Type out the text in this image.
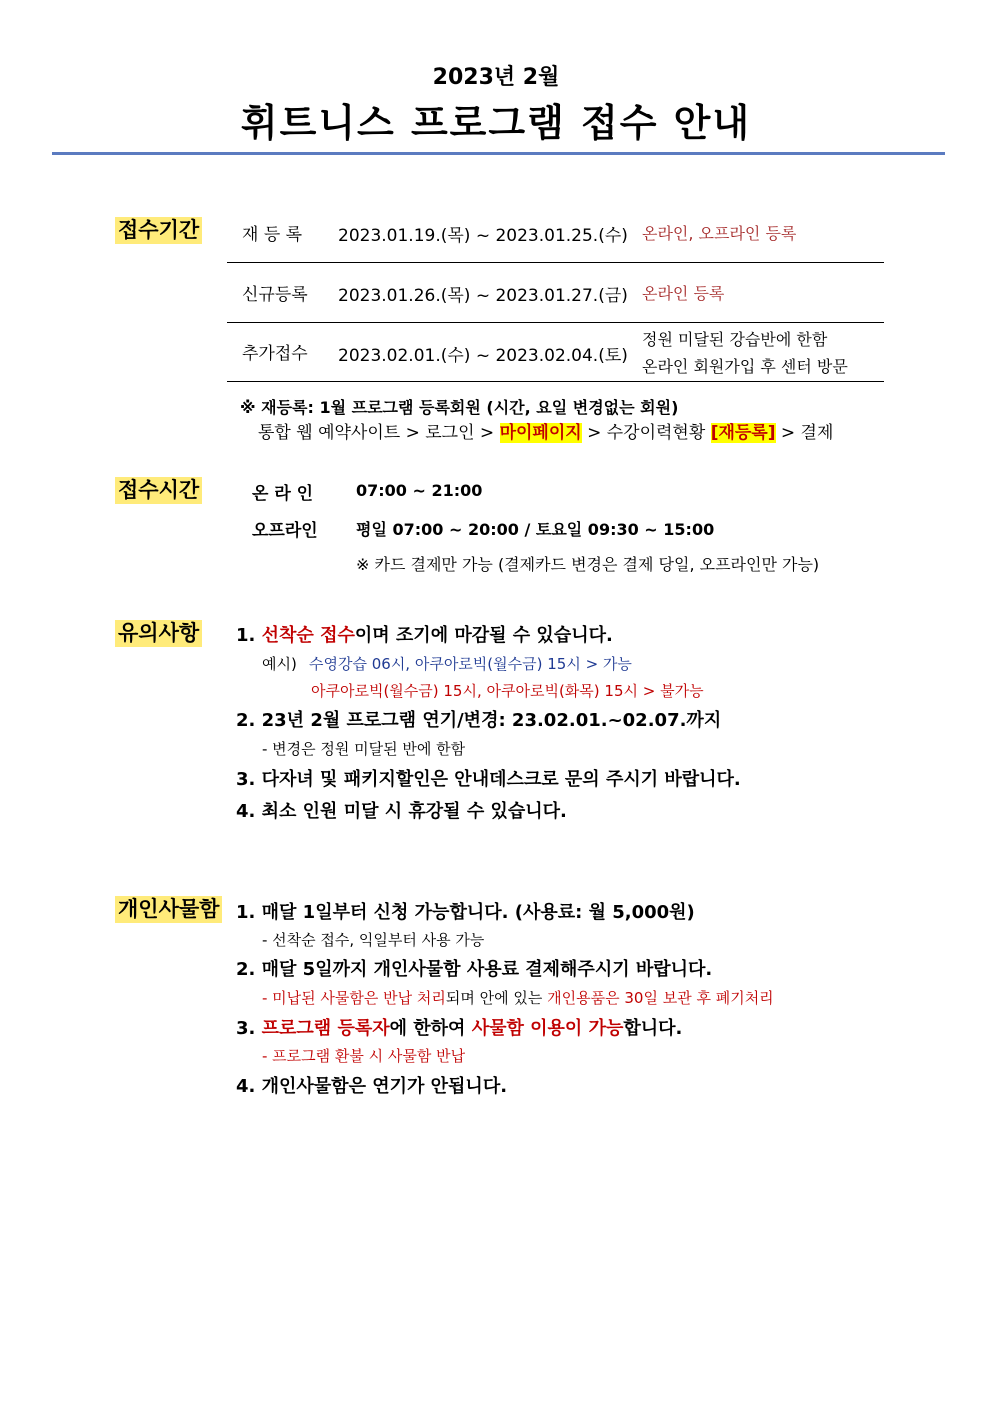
2023년 2월
휘트니스 프로그램 접수 안내
접수기간	재 등 록 2023.01.19.(목) ~ 2023.01.25.(수) 온라인, 오프라인 등록
신규등록 2023.01.26.(목) ~ 2023.01.27.(금) 온라인 등록
추가접수 2023.02.01.(수) ~ 2023.02.04.(토)
정원 미달된 강습반에 한함
온라인 회원가입 후 센터 방문
※ 재등록: 1월 프로그램 등록회원 (시간, 요일 변경없는 회원)
통합 웹 예약사이트 > 로그인 > 마이페이지 > 수강이력현황 [재등록] > 결제
접수시간	온 라 인	07:00 ~ 21:00
오프라인 평일 07:00 ~ 20:00 / 토요일 09:30 ~ 15:00
※ 카드 결제만 가능 (결제카드 변경은 결제 당일, 오프라인만 가능)
유의사항 1. 선착순 접수이며 조기에 마감될 수 있습니다.
예시) 수영강습 06시, 아쿠아로빅(월수금) 15시 > 가능
아쿠아로빅(월수금) 15시, 아쿠아로빅(화목) 15시 > 불가능
2. 23년 2월 프로그램 연기/변경: 23.02.01.~02.07.까지
- 변경은 정원 미달된 반에 한함
3. 다자녀 및 패키지할인은 안내데스크로 문의 주시기 바랍니다.
4. 최소 인원 미달 시 휴강될 수 있습니다.
개인사물함 1. 매달 1일부터 신청 가능합니다. (사용료: 월 5,000원)
- 선착순 접수, 익일부터 사용 가능
2. 매달 5일까지 개인사물함 사용료 결제해주시기 바랍니다.
- 미납된 사물함은 반납 처리되며 안에 있는 개인용품은 30일 보관 후 폐기처리
3. 프로그램 등록자에 한하여 사물함 이용이 가능합니다.
- 프로그램 환불 시 사물함 반납
4. 개인사물함은 연기가 안됩니다.
